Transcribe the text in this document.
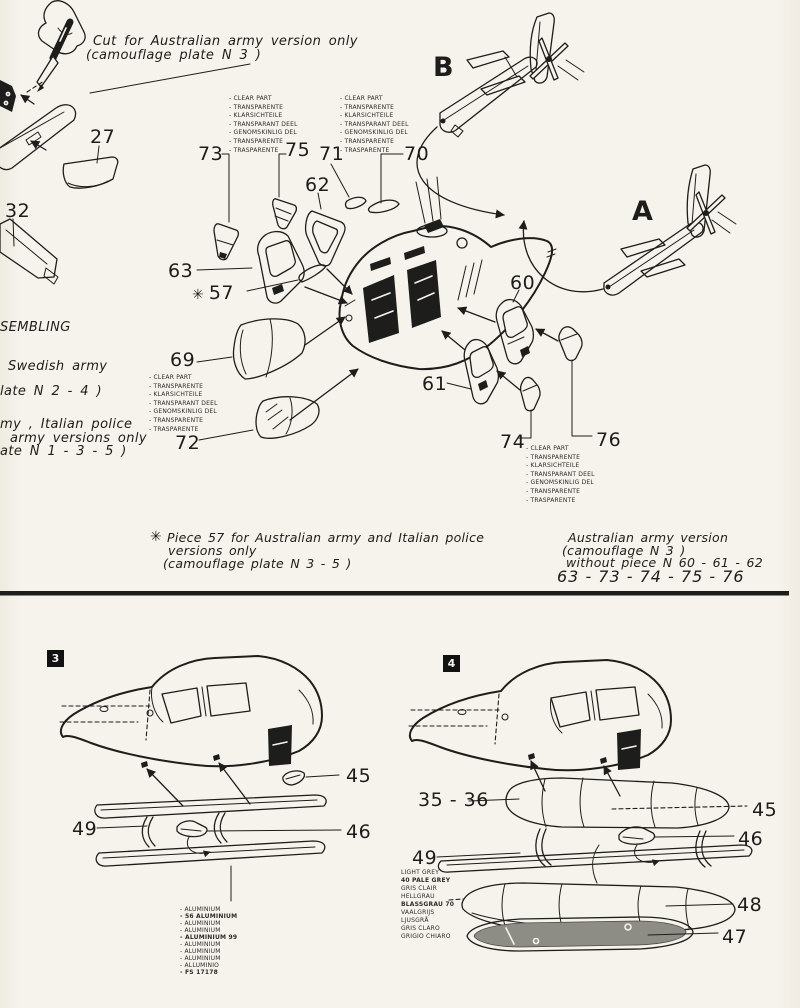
Cut for Australian army version only
(camouflage plate N 3 )
SEMBLING
Swedish army
late N 2 - 4 )
my , Italian police
army versions only
ate N 1 - 3 - 5 )
- CLEAR PART
- TRANSPARENTE
- KLARSICHTEILE
- TRANSPARANT DEEL
- GENOMSKINLIG DEL
- TRANSPARENTE
- TRASPARENTE
- CLEAR PART
- TRANSPARENTE
- KLARSICHTEILE
- TRANSPARANT DEEL
- GENOMSKINLIG DEL
- TRANSPARENTE
- TRASPARENTE
- CLEAR PART
- TRANSPARENTE
- KLARSICHTEILE
- TRANSPARANT DEEL
- GENOMSKINLIG DEL
- TRANSPARENTE
- TRASPARENTE
- CLEAR PART
- TRANSPARENTE
- KLARSICHTEILE
- TRANSPARANT DEEL
- GENOMSKINLIG DEL
- TRANSPARENTE
- TRASPARENTE
27
32
73	75
62
71	70
63
✳ 57
69
72
60
61
74	76
B
A
✳ Piece 57 for Australian army and Italian police
versions only
(camouflage plate N 3 - 5 )
Australian army version
(camouflage N 3 )
without piece N 60 - 61 - 62
63 - 73 - 74 - 75 - 76
3
45
49	46
- ALUMINIUM
- 56 ALUMINIUM
- ALUMINIUM
- ALUMINIUM
- ALUMINIUM 99
- ALUMINIUM
- ALUMINIUM
- ALUMINIUM
- ALLUMINIO
- FS 17178
4
35 - 36	45
46
49
48
47
LIGHT GREY
40 PALE GREY
GRIS CLAIR
HELLGRAU
BLASSGRAU 70
VAALGRIJS
LJUSGRÅ
GRIS CLARO
GRIGIO CHIARO
